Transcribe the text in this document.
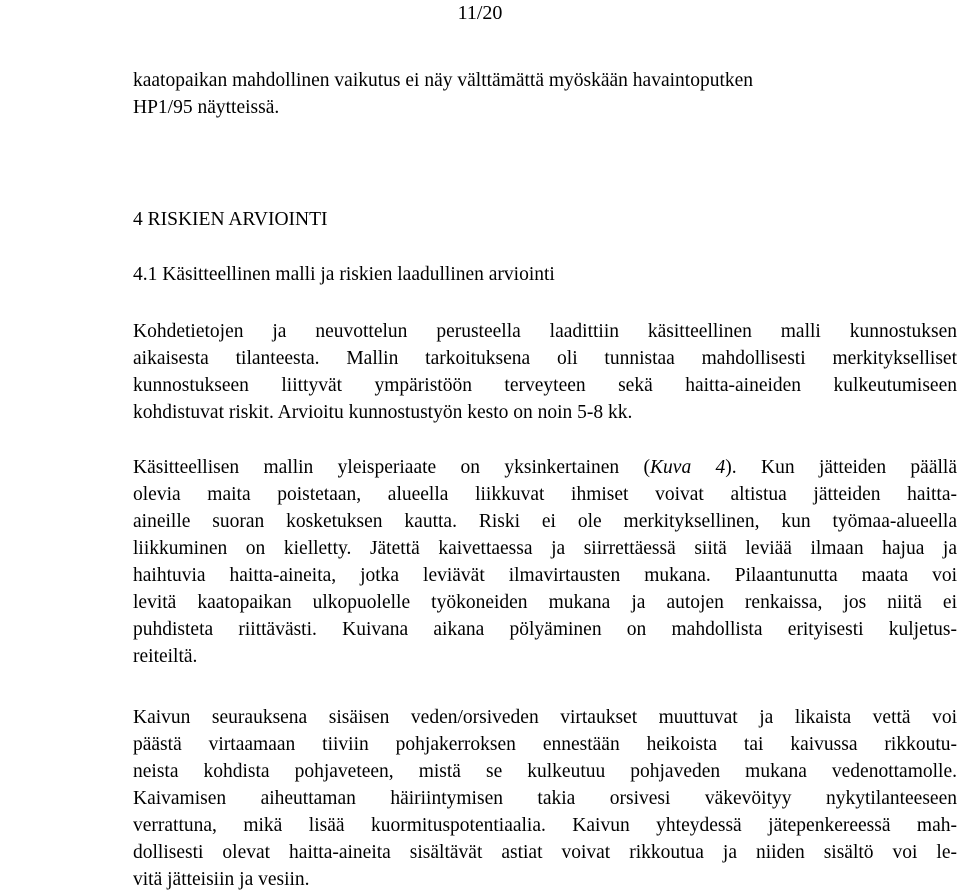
11/20
kaatopaikan mahdollinen vaikutus ei näy välttämättä myöskään havaintoputken
HP1/95 näytteissä.
4 RISKIEN ARVIOINTI
4.1 Käsitteellinen malli ja riskien laadullinen arviointi
Kohdetietojen ja neuvottelun perusteella laadittiin käsitteellinen malli kunnostuksen
aikaisesta tilanteesta. Mallin tarkoituksena oli tunnistaa mahdollisesti merkitykselliset
kunnostukseen liittyvät ympäristöön terveyteen sekä haitta-aineiden kulkeutumiseen
kohdistuvat riskit. Arvioitu kunnostustyön kesto on noin 5-8 kk.
Käsitteellisen mallin yleisperiaate on yksinkertainen (Kuva 4). Kun jätteiden päällä
olevia maita poistetaan, alueella liikkuvat ihmiset voivat altistua jätteiden haitta-
aineille suoran kosketuksen kautta. Riski ei ole merkityksellinen, kun työmaa-alueella
liikkuminen on kielletty. Jätettä kaivettaessa ja siirrettäessä siitä leviää ilmaan hajua ja
haihtuvia haitta-aineita, jotka leviävät ilmavirtausten mukana. Pilaantunutta maata voi
levitä kaatopaikan ulkopuolelle työkoneiden mukana ja autojen renkaissa, jos niitä ei
puhdisteta riittävästi. Kuivana aikana pölyäminen on mahdollista erityisesti kuljetus-
reiteiltä.
Kaivun seurauksena sisäisen veden/orsiveden virtaukset muuttuvat ja likaista vettä voi
päästä virtaamaan tiiviin pohjakerroksen ennestään heikoista tai kaivussa rikkoutu-
neista kohdista pohjaveteen, mistä se kulkeutuu pohjaveden mukana vedenottamolle.
Kaivamisen aiheuttaman häiriintymisen takia orsivesi väkevöityy nykytilanteeseen
verrattuna, mikä lisää kuormituspotentiaalia. Kaivun yhteydessä jätepenkereessä mah-
dollisesti olevat haitta-aineita sisältävät astiat voivat rikkoutua ja niiden sisältö voi le-
vitä jätteisiin ja vesiin.
